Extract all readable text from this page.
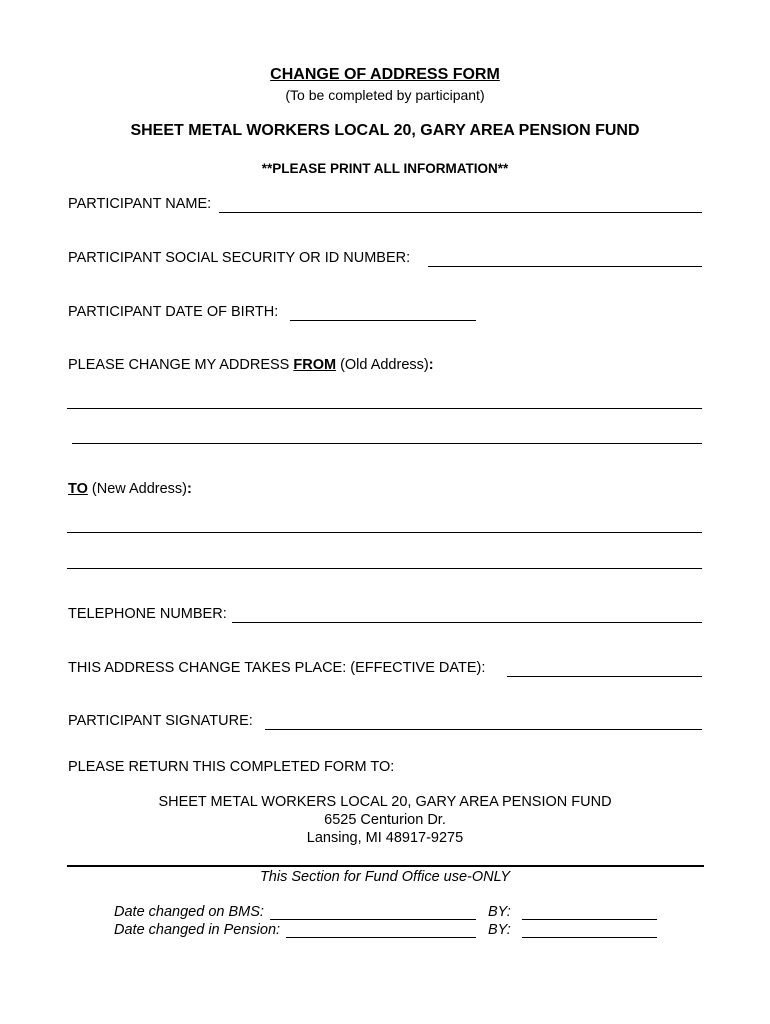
CHANGE OF ADDRESS FORM
(To be completed by participant)
SHEET METAL WORKERS LOCAL 20, GARY AREA PENSION FUND
**PLEASE PRINT ALL INFORMATION**
PARTICIPANT NAME:
PARTICIPANT SOCIAL SECURITY OR ID NUMBER:
PARTICIPANT DATE OF BIRTH:
PLEASE CHANGE MY ADDRESS FROM (Old Address):
TO (New Address):
TELEPHONE NUMBER:
THIS ADDRESS CHANGE TAKES PLACE: (EFFECTIVE DATE):
PARTICIPANT SIGNATURE:
PLEASE RETURN THIS COMPLETED FORM TO:
SHEET METAL WORKERS LOCAL 20, GARY AREA PENSION FUND
6525 Centurion Dr.
Lansing, MI 48917-9275
This Section for Fund Office use-ONLY
Date changed on BMS:	BY:
Date changed in Pension:	BY:
